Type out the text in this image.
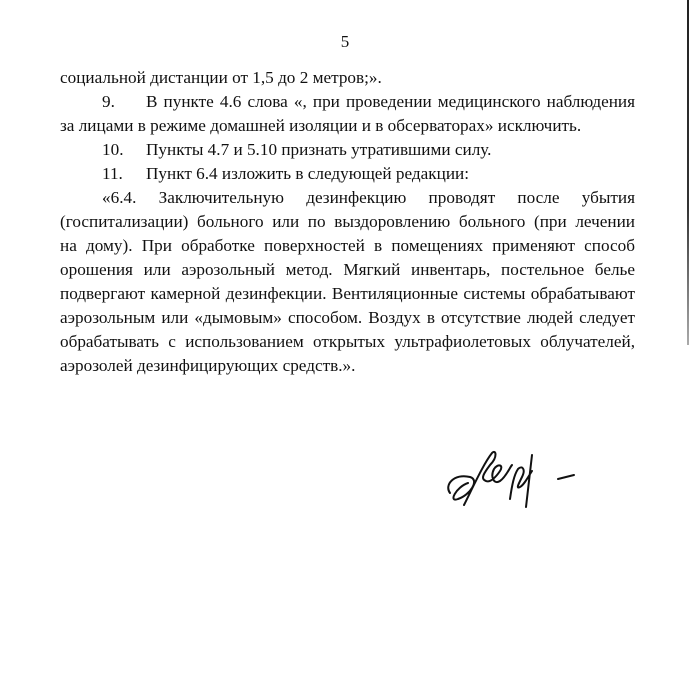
5
социальной дистанции от 1,5 до 2 метров;».
9. В пункте 4.6 слова «, при проведении медицинского наблюдения
за лицами в режиме домашней изоляции и в обсерваторах» исключить.
10. Пункты 4.7 и 5.10 признать утратившими силу.
11. Пункт 6.4 изложить в следующей редакции:
«6.4. Заключительную дезинфекцию проводят после убытия
(госпитализации) больного или по выздоровлению больного (при лечении
на дому). При обработке поверхностей в помещениях применяют способ
орошения или аэрозольный метод. Мягкий инвентарь, постельное белье
подвергают камерной дезинфекции. Вентиляционные системы обрабатывают
аэрозольным или «дымовым» способом. Воздух в отсутствие людей следует
обрабатывать с использованием открытых ультрафиолетовых облучателей,
аэрозолей дезинфицирующих средств.».
